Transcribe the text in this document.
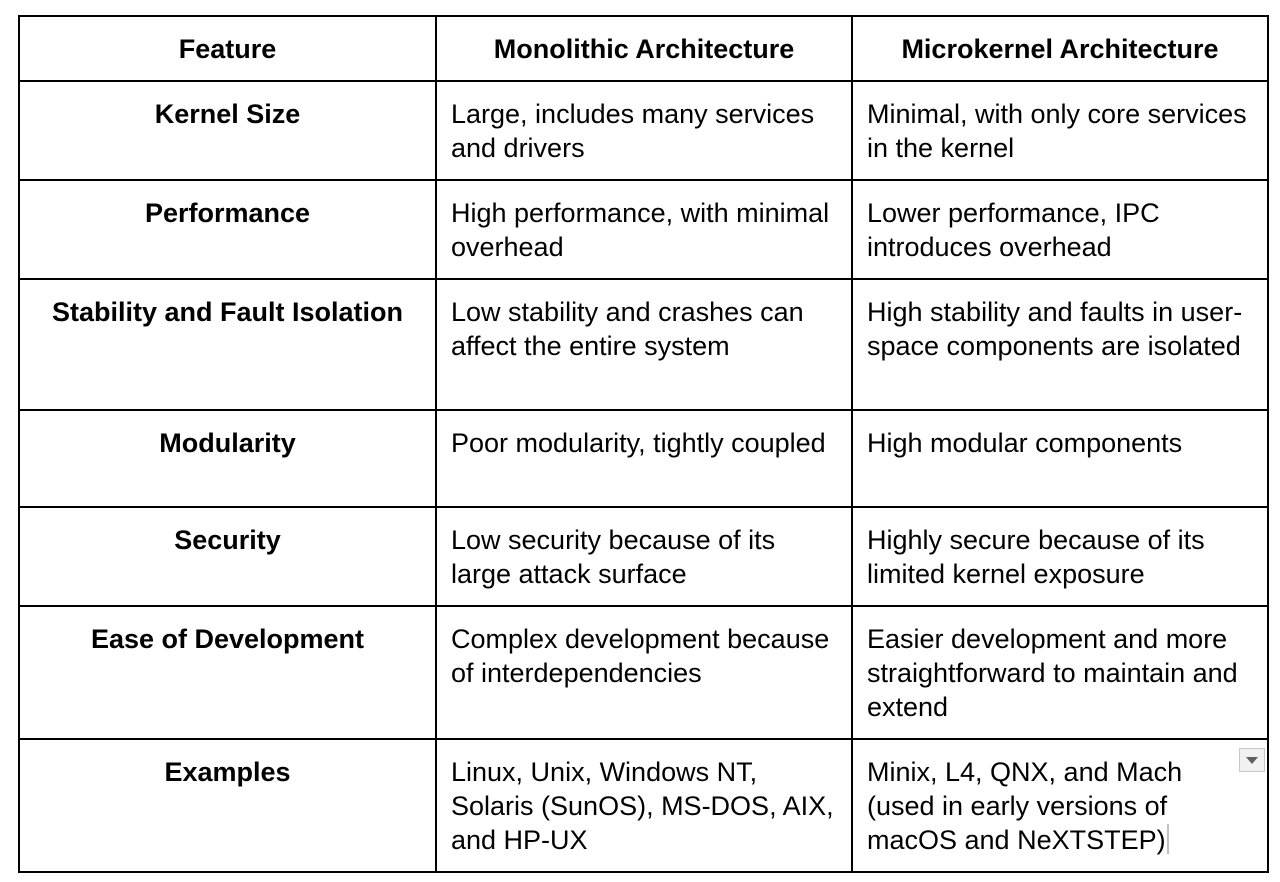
Feature	Monolithic Architecture	Microkernel Architecture
Kernel Size	Large, includes many services and drivers	Minimal, with only core services in the kernel
Performance	High performance, with minimal overhead	Lower performance, IPC introduces overhead
Stability and Fault Isolation	Low stability and crashes can affect the entire system	High stability and faults in user-space components are isolated
Modularity	Poor modularity, tightly coupled	High modular components
Security	Low security because of its large attack surface	Highly secure because of its limited kernel exposure
Ease of Development	Complex development because of interdependencies	Easier development and more straightforward to maintain and extend
Examples	Linux, Unix, Windows NT, Solaris (SunOS), MS-DOS, AIX, and HP-UX	Minix, L4, QNX, and Mach (used in early versions of macOS and NeXTSTEP)
